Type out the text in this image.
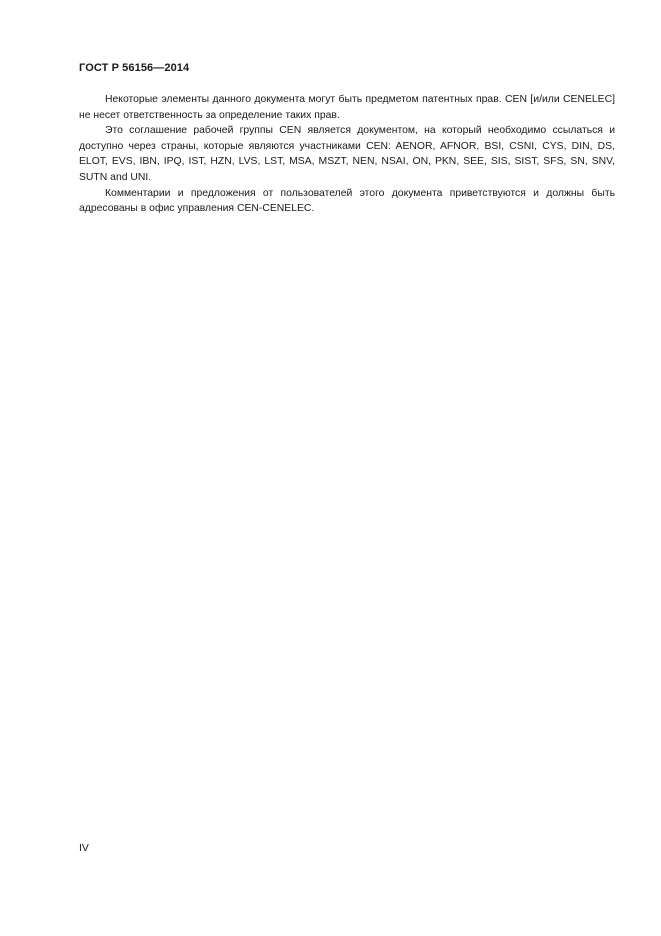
ГОСТ Р 56156—2014

Некоторые элементы данного документа могут быть предметом патентных прав. CEN [и/или CENELEC] не несет ответственность за определение таких прав.

Это соглашение рабочей группы CEN является документом, на который необходимо ссылаться и доступно через страны, которые являются участниками CEN: AENOR, AFNOR, BSI, CSNI, CYS, DIN, DS, ELOT, EVS, IBN, IPQ, IST, HZN, LVS, LST, MSA, MSZT, NEN, NSAI, ON, PKN, SEE, SIS, SIST, SFS, SN, SNV, SUTN and UNI.

Комментарии и предложения от пользователей этого документа приветствуются и должны быть адресованы в офис управления CEN-CENELEC.

IV
